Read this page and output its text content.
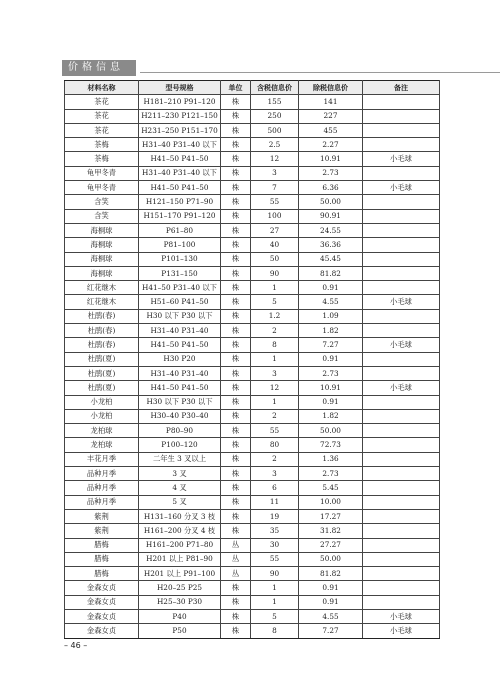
价格信息
材料名称	型号规格	单位	含税信息价	除税信息价	备注
茶花	H181–210 P91–120	株	155	141	
茶花	H211–230 P121–150	株	250	227	
茶花	H231–250 P151–170	株	500	455	
茶梅	H31–40 P31–40 以下	株	2.5	2.27	
茶梅	H41–50 P41–50	株	12	10.91	小毛球
龟甲冬青	H31–40 P31–40 以下	株	3	2.73	
龟甲冬青	H41–50 P41–50	株	7	6.36	小毛球
含笑	H121–150 P71–90	株	55	50.00	
含笑	H151–170 P91–120	株	100	90.91	
海桐球	P61–80	株	27	24.55	
海桐球	P81–100	株	40	36.36	
海桐球	P101–130	株	50	45.45	
海桐球	P131–150	株	90	81.82	
红花继木	H41–50 P31–40 以下	株	1	0.91	
红花继木	H51–60 P41–50	株	5	4.55	小毛球
杜鹃(春)	H30 以下 P30 以下	株	1.2	1.09	
杜鹃(春)	H31–40 P31–40	株	2	1.82	
杜鹃(春)	H41–50 P41–50	株	8	7.27	小毛球
杜鹃(夏)	H30 P20	株	1	0.91	
杜鹃(夏)	H31–40 P31–40	株	3	2.73	
杜鹃(夏)	H41–50 P41–50	株	12	10.91	小毛球
小龙柏	H30 以下 P30 以下	株	1	0.91	
小龙柏	H30–40 P30–40	株	2	1.82	
龙柏球	P80–90	株	55	50.00	
龙柏球	P100–120	株	80	72.73	
丰花月季	二年生 3 叉以上	株	2	1.36	
品种月季	3 叉	株	3	2.73	
品种月季	4 叉	株	6	5.45	
品种月季	5 叉	株	11	10.00	
紫荆	H131–160 分叉 3 枝	株	19	17.27	
紫荆	H161–200 分叉 4 枝	株	35	31.82	
腊梅	H161–200 P71–80	丛	30	27.27	
腊梅	H201 以上 P81–90	丛	55	50.00	
腊梅	H201 以上 P91–100	丛	90	81.82	
金森女贞	H20–25 P25	株	1	0.91	
金森女贞	H25–30 P30	株	1	0.91	
金森女贞	P40	株	5	4.55	小毛球
金森女贞	P50	株	8	7.27	小毛球
– 46 –
